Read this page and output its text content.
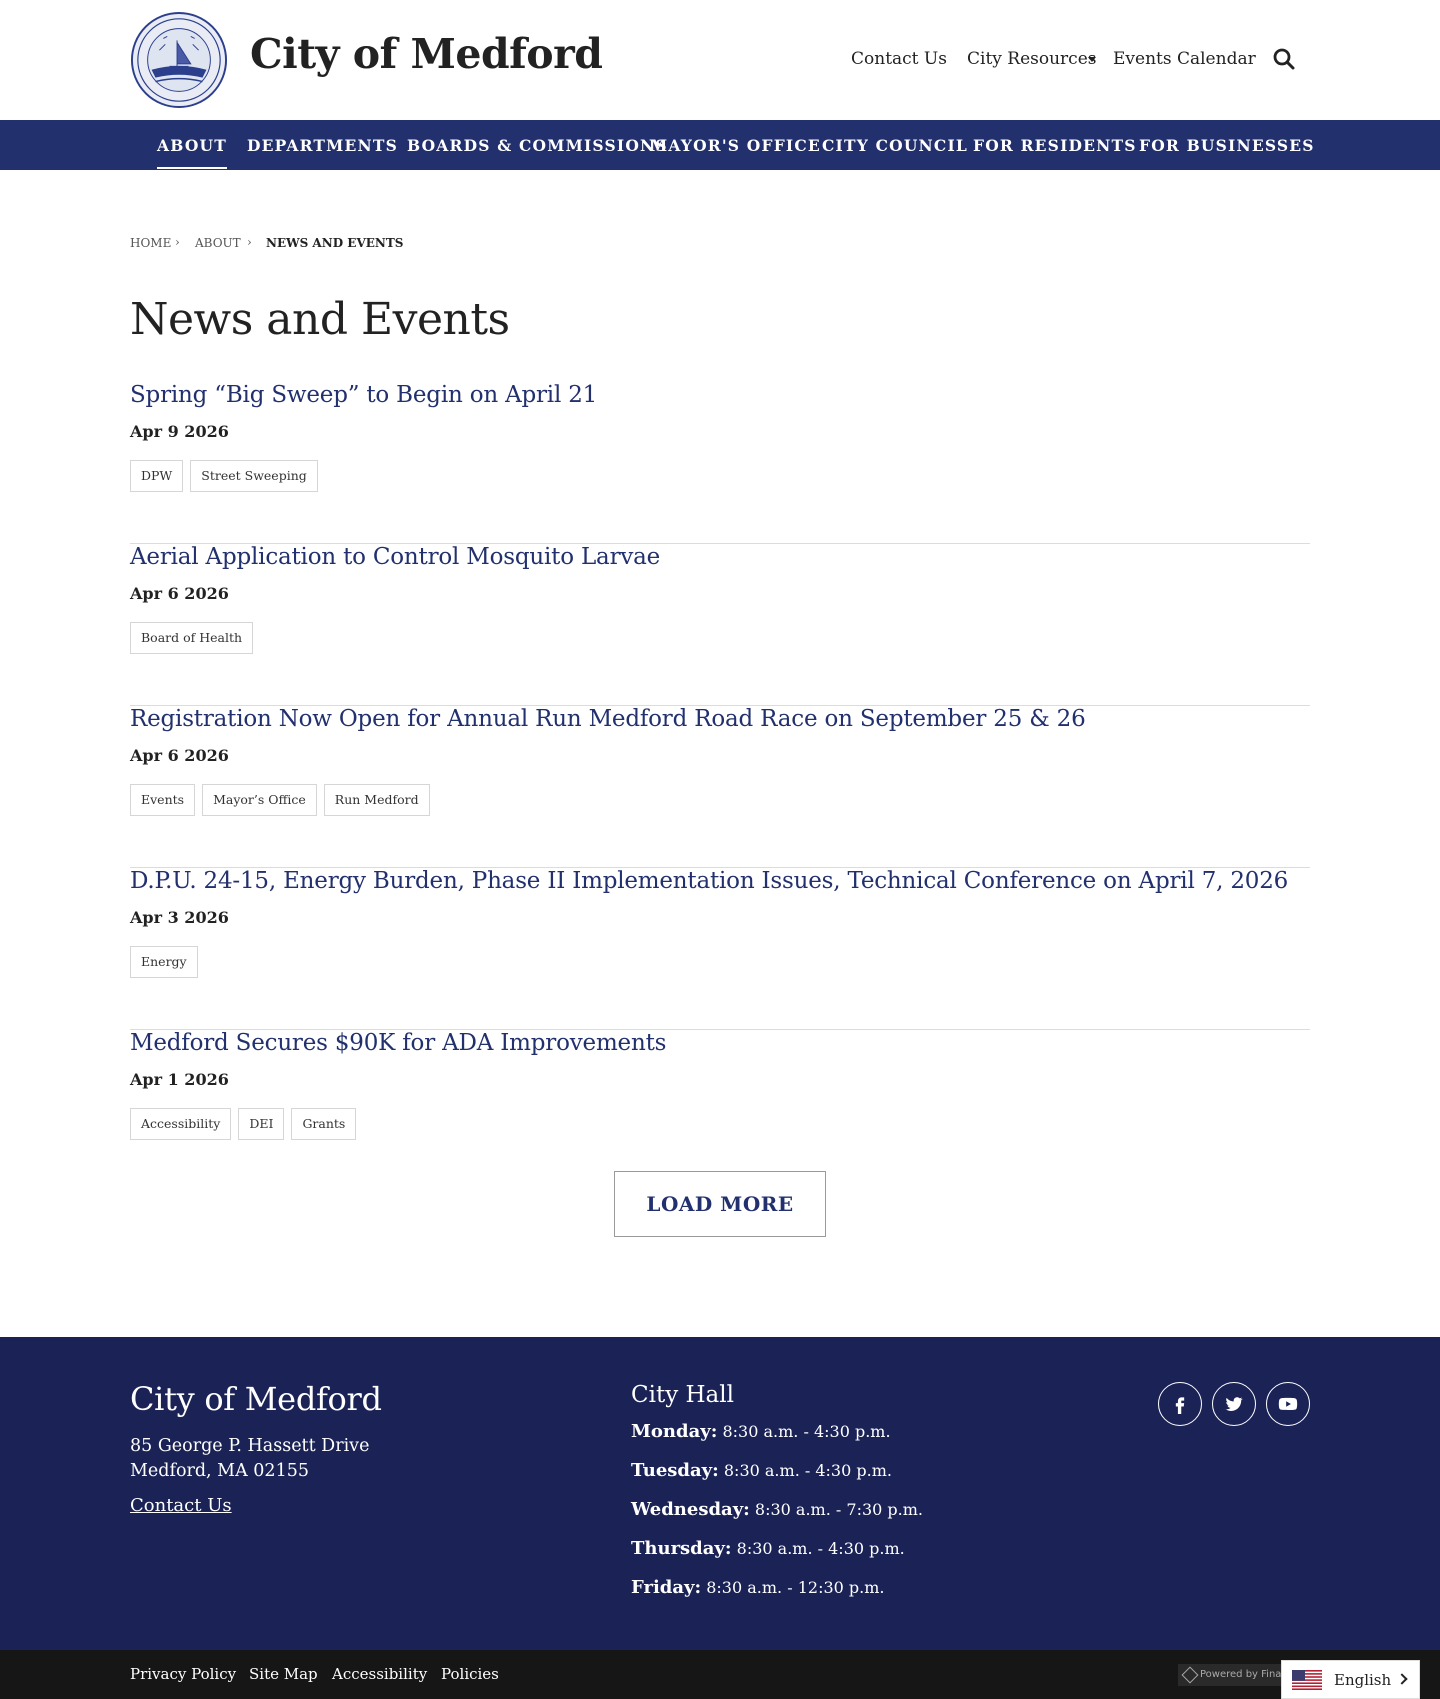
City of Medford	Contact Us City Resources Events Calendar
ABOUT DEPARTMENTS BOARDS & COMMISSIONS
MAYOR'S OFFICE CITY COUNCIL FOR RESIDENTS FOR BUSINESSES
HOME › ABOUT › NEWS AND EVENTS
News and Events
Spring “Big Sweep” to Begin on April 21
Apr 9 2026
DPW	Street Sweeping
Aerial Application to Control Mosquito Larvae
Apr 6 2026
Board of Health
Registration Now Open for Annual Run Medford Road Race on September 25 & 26
Apr 6 2026
Events	Mayor’s Office	Run Medford
D.P.U. 24-15, Energy Burden, Phase II Implementation Issues, Technical Conference on April 7, 2026
Apr 3 2026
Energy
Medford Secures $90K for ADA Improvements
Apr 1 2026
Accessibility	DEI	Grants
LOAD MORE
City of Medford
85 George P. Hassett Drive
Medford, MA 02155
Contact Us
City Hall
Monday: 8:30 a.m. - 4:30 p.m.
Tuesday: 8:30 a.m. - 4:30 p.m.
Wednesday: 8:30 a.m. - 7:30 p.m.
Thursday: 8:30 a.m. - 4:30 p.m.
Friday: 8:30 a.m. - 12:30 p.m.
Privacy Policy Site Map Accessibility Policies	Powered by Fina	English
